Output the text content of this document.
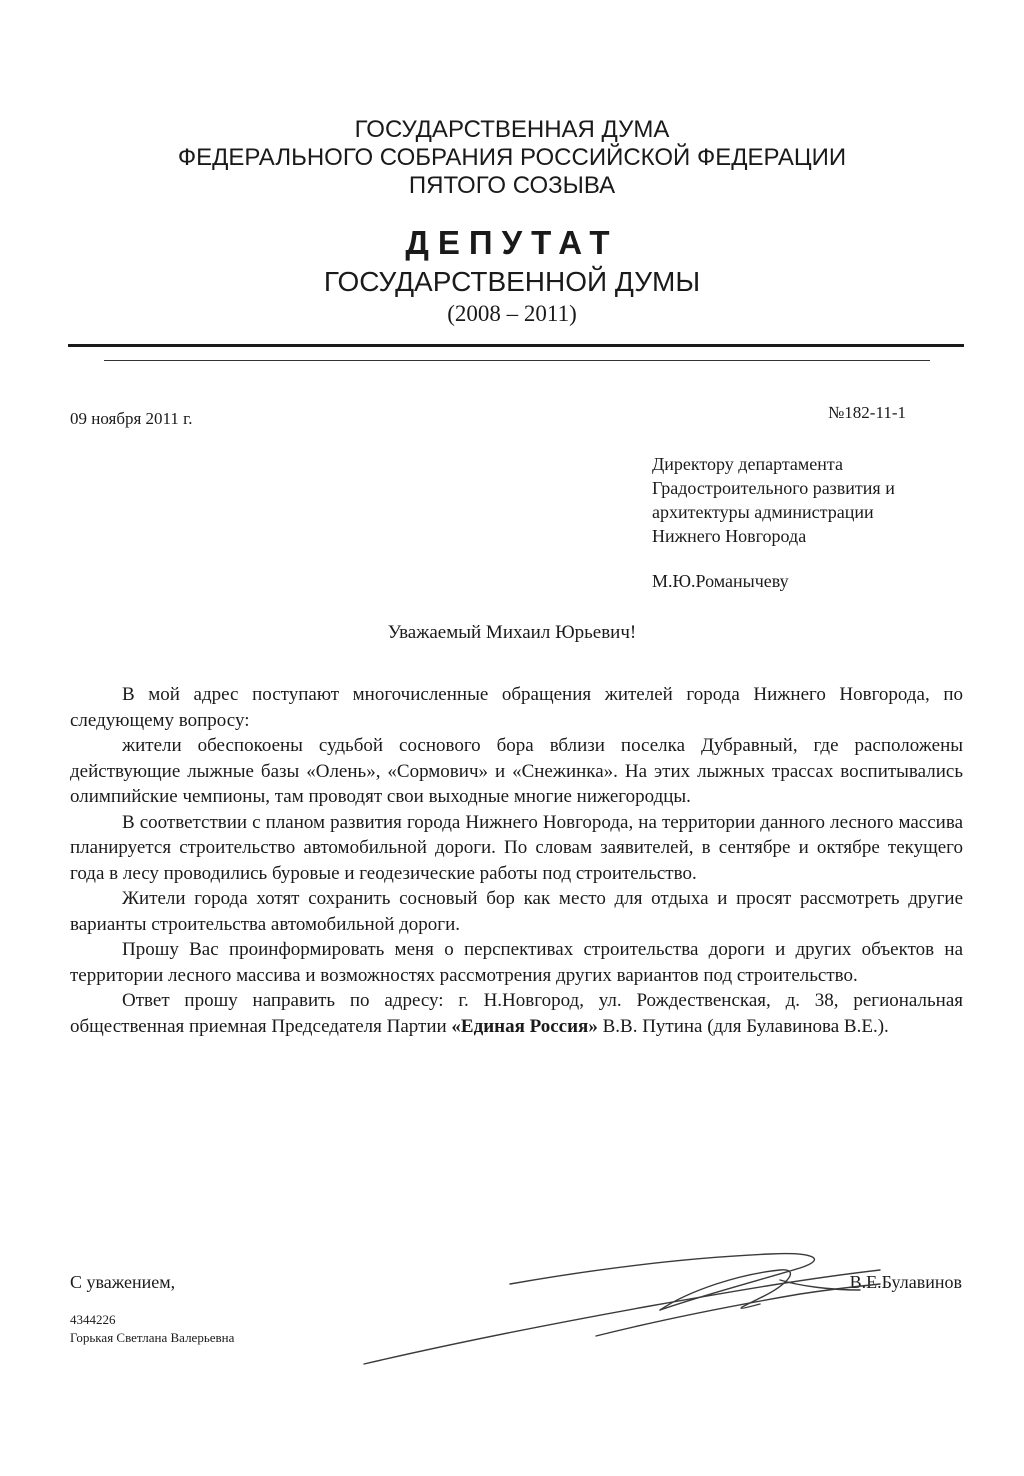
ГОСУДАРСТВЕННАЯ ДУМА
ФЕДЕРАЛЬНОГО СОБРАНИЯ РОССИЙСКОЙ ФЕДЕРАЦИИ
ПЯТОГО СОЗЫВА
ДЕПУТАТ
ГОСУДАРСТВЕННОЙ ДУМЫ
(2008 – 2011)
09 ноября 2011 г.	№182-11-1
Директору департамента
Градостроительного развития и
архитектуры администрации
Нижнего Новгорода
М.Ю.Романычеву
Уважаемый Михаил Юрьевич!

В мой адрес поступают многочисленные обращения жителей города Нижнего Новгорода, по следующему вопросу:

жители обеспокоены судьбой соснового бора вблизи поселка Дубравный, где расположены действующие лыжные базы «Олень», «Сормович» и «Снежинка». На этих лыжных трассах воспитывались олимпийские чемпионы, там проводят свои выходные многие нижегородцы.

В соответствии с планом развития города Нижнего Новгорода, на территории данного лесного массива планируется строительство автомобильной дороги. По словам заявителей, в сентябре и октябре текущего года в лесу проводились буровые и геодезические работы под строительство.

Жители города хотят сохранить сосновый бор как место для отдыха и просят рассмотреть другие варианты строительства автомобильной дороги.

Прошу Вас проинформировать меня о перспективах строительства дороги и других объектов на территории лесного массива и возможностях рассмотрения других вариантов под строительство.

Ответ прошу направить по адресу: г. Н.Новгород, ул. Рождественская, д. 38, региональная общественная приемная Председателя Партии «Единая Россия» В.В. Путина (для Булавинова В.Е.).

С уважением,	В.Е.Булавинов
4344226
Горькая Светлана Валерьевна
